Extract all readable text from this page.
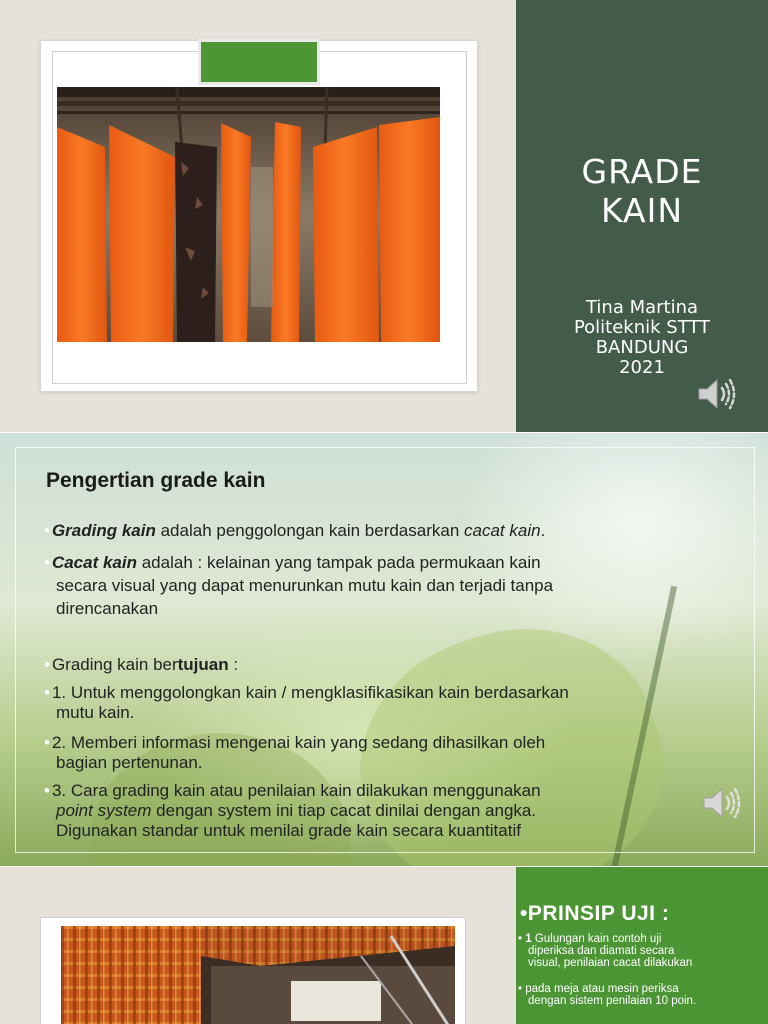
GRADE
KAIN
Tina Martina
Politeknik STTT
BANDUNG
2021
Pengertian grade kain
• Grading kain adalah penggolongan kain berdasarkan cacat kain.
• Cacat kain adalah : kelainan yang tampak pada permukaan kain
secara visual yang dapat menurunkan mutu kain dan terjadi tanpa
direncanakan
• Grading kain bertujuan :
• 1. Untuk menggolongkan kain / mengklasifikasikan kain berdasarkan
mutu kain.
• 2. Memberi informasi mengenai kain yang sedang dihasilkan oleh
bagian pertenunan.
• 3. Cara grading kain atau penilaian kain dilakukan menggunakan
point system dengan system ini tiap cacat dinilai dengan angka.
Digunakan standar untuk menilai grade kain secara kuantitatif
•PRINSIP UJI :
• 1 Gulungan kain contoh uji
diperiksa dan diamati secara
visual, penilaian cacat dilakukan
• pada meja atau mesin periksa
dengan sistem penilaian 10 poin.
